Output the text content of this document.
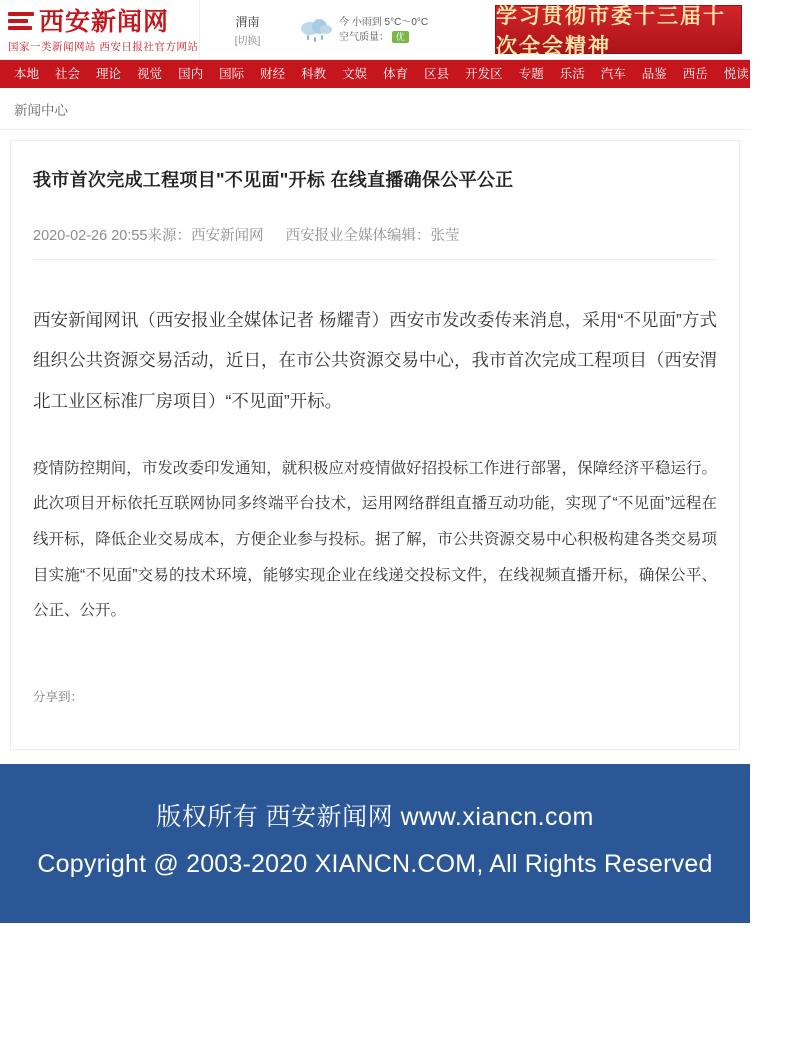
西安新闻网
国家一类新闻网站 西安日报社官方网站
渭南
[切换]
今 小雨到 5°C～0°C
空气质量： 优
学习贯彻市委十三届十次全会精神
本地	社会	理论	视觉	国内	国际	财经	科教	文娱	体育	区县	开发区	专题	乐活	汽车	品鉴	西岳	悦读	收藏
新闻中心
我市首次完成工程项目"不见面"开标 在线直播确保公平公正
2020-02-26 20:55来源：西安新闻网 西安报业全媒体编辑：张莹

西安新闻网讯（西安报业全媒体记者 杨耀青）西安市发改委传来消息，采用“不见面”方式组织公共资源交易活动，近日，在市公共资源交易中心，我市首次完成工程项目（西安渭北工业区标准厂房项目）“不见面”开标。

疫情防控期间，市发改委印发通知，就积极应对疫情做好招投标工作进行部署，保障经济平稳运行。此次项目开标依托互联网协同多终端平台技术，运用网络群组直播互动功能，实现了“不见面”远程在线开标，降低企业交易成本，方便企业参与投标。据了解，市公共资源交易中心积极构建各类交易项目实施“不见面”交易的技术环境，能够实现企业在线递交投标文件，在线视频直播开标，确保公平、公正、公开。

分享到：
版权所有 西安新闻网 www.xiancn.com
Copyright @ 2003-2020 XIANCN.COM, All Rights Reserved
